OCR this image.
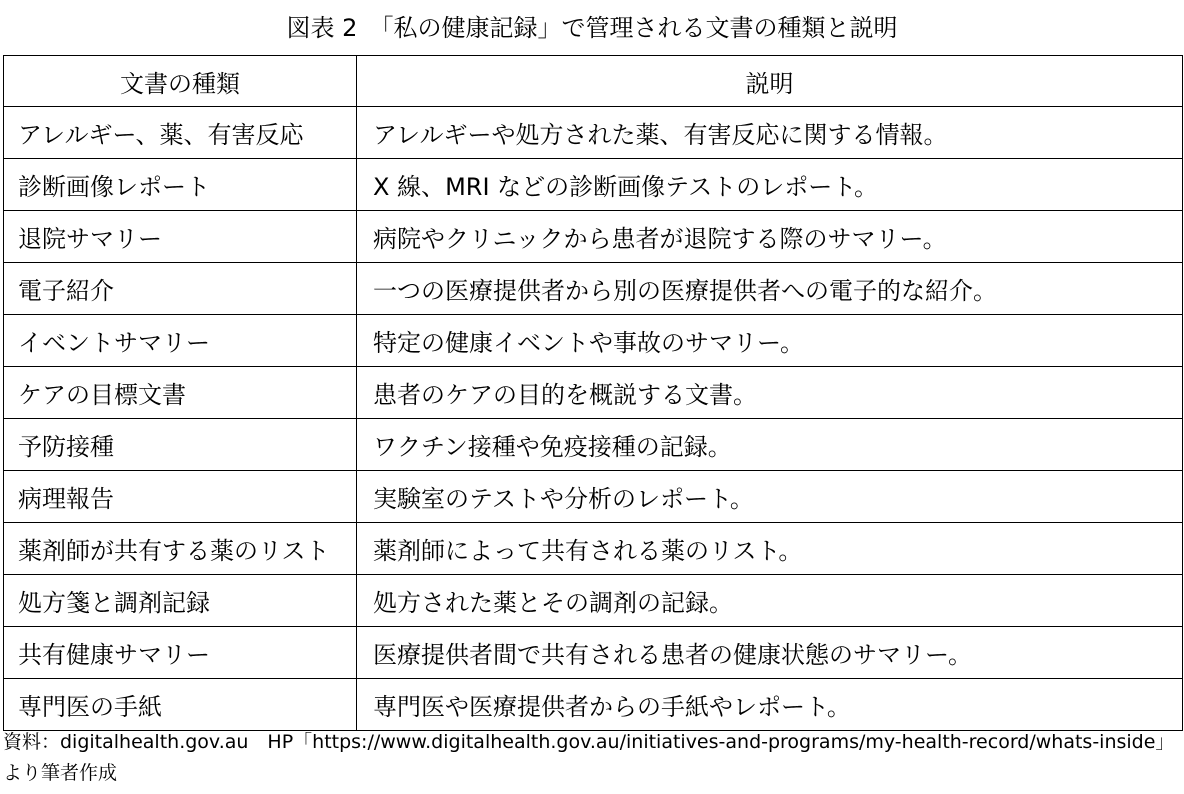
図表 2　「私の健康記録」で管理される文書の種類と説明
文書の種類	説明
アレルギー、薬、有害反応	アレルギーや処方された薬、有害反応に関する情報。
診断画像レポート	X 線、MRI などの診断画像テストのレポート。
退院サマリー	病院やクリニックから患者が退院する際のサマリー。
電子紹介	一つの医療提供者から別の医療提供者への電子的な紹介。
イベントサマリー	特定の健康イベントや事故のサマリー。
ケアの目標文書	患者のケアの目的を概説する文書。
予防接種	ワクチン接種や免疫接種の記録。
病理報告	実験室のテストや分析のレポート。
薬剤師が共有する薬のリスト	薬剤師によって共有される薬のリスト。
処方箋と調剤記録	処方された薬とその調剤の記録。
共有健康サマリー	医療提供者間で共有される患者の健康状態のサマリー。
専門医の手紙	専門医や医療提供者からの手紙やレポート。
資料：digitalhealth.gov.au　HP「https://www.digitalhealth.gov.au/initiatives-and-programs/my-health-record/whats-inside」より筆者作成
